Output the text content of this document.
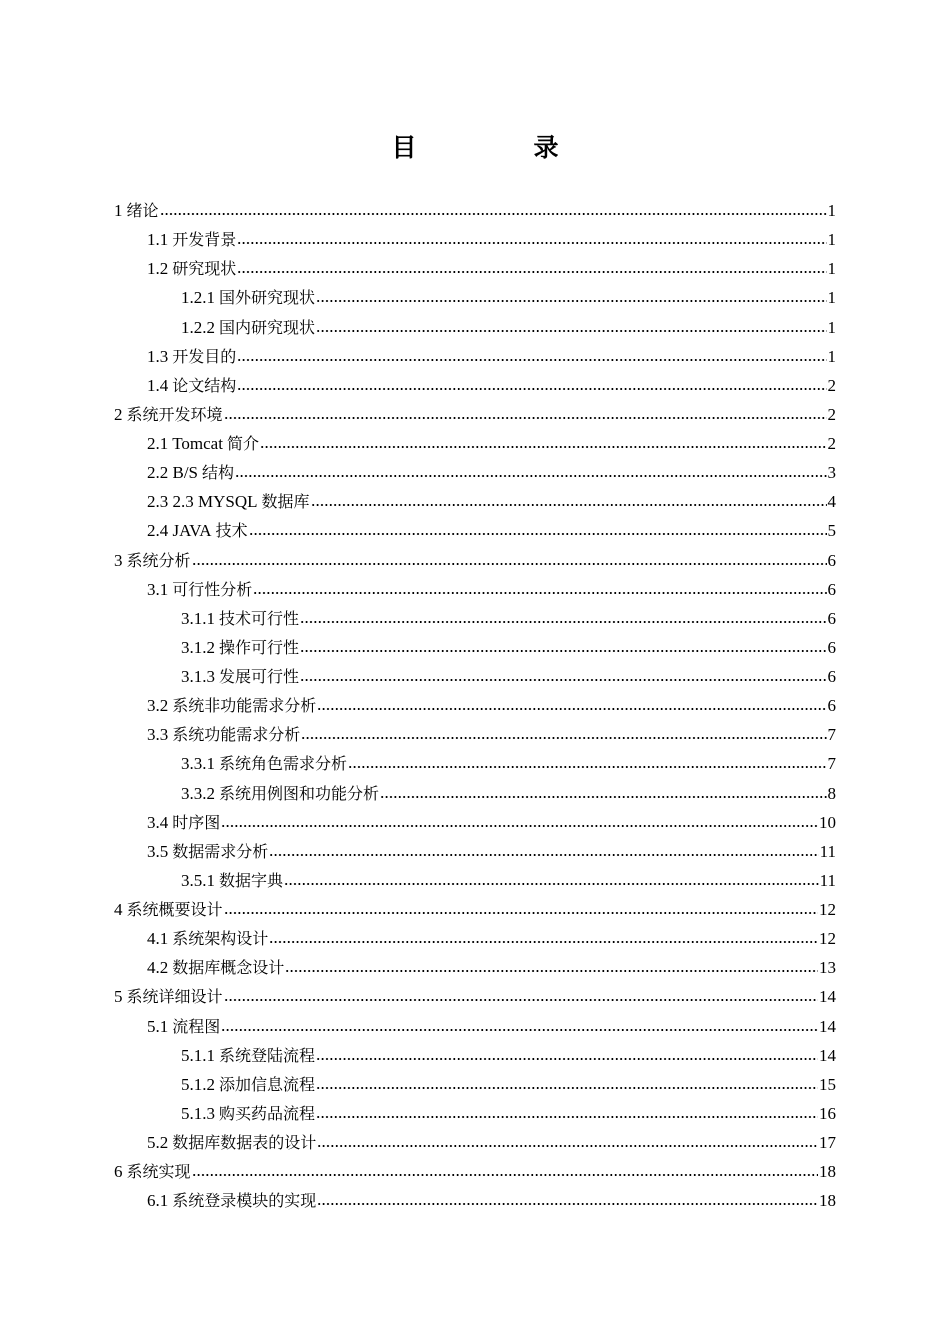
目　录
1 绪论	1
1.1 开发背景	1
1.2 研究现状	1
1.2.1 国外研究现状	1
1.2.2 国内研究现状	1
1.3 开发目的	1
1.4 论文结构	2
2 系统开发环境	2
2.1 Tomcat 简介	2
2.2 B/S 结构	3
2.3 2.3 MYSQL 数据库	4
2.4 JAVA 技术	5
3 系统分析	6
3.1 可行性分析	6
3.1.1 技术可行性	6
3.1.2 操作可行性	6
3.1.3 发展可行性	6
3.2 系统非功能需求分析	6
3.3 系统功能需求分析	7
3.3.1 系统角色需求分析	7
3.3.2 系统用例图和功能分析	8
3.4 时序图	10
3.5 数据需求分析	11
3.5.1 数据字典	11
4 系统概要设计	12
4.1 系统架构设计	12
4.2 数据库概念设计	13
5 系统详细设计	14
5.1 流程图	14
5.1.1 系统登陆流程	14
5.1.2 添加信息流程	15
5.1.3 购买药品流程	16
5.2 数据库数据表的设计	17
6 系统实现	18
6.1 系统登录模块的实现	18
